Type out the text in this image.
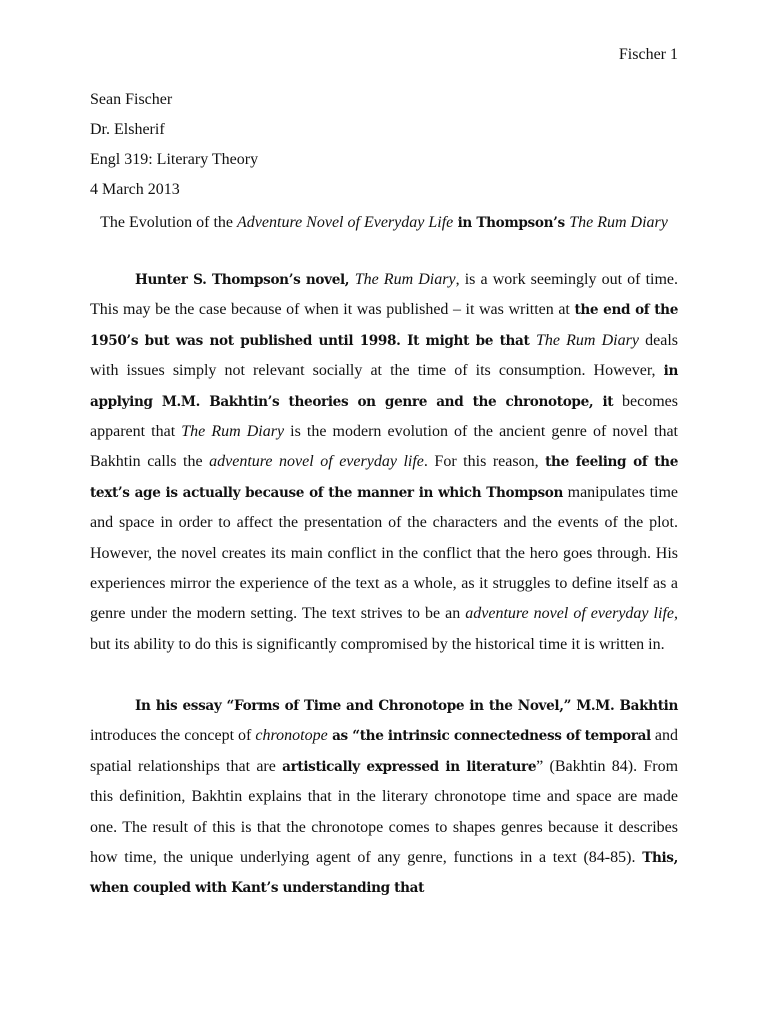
Fischer 1
Sean Fischer
Dr. Elsherif
Engl 319: Literary Theory
4 March 2013
The Evolution of the Adventure Novel of Everyday Life in Thompson’s The Rum Diary

Hunter S. Thompson’s novel, The Rum Diary, is a work seemingly out of time. This may be the case because of when it was published – it was written at the end of the 1950’s but was not published until 1998. It might be that The Rum Diary deals with issues simply not relevant socially at the time of its consumption. However, in applying M.M. Bakhtin’s theories on genre and the chronotope, it becomes apparent that The Rum Diary is the modern evolution of the ancient genre of novel that Bakhtin calls the adventure novel of everyday life. For this reason, the feeling of the text’s age is actually because of the manner in which Thompson manipulates time and space in order to affect the presentation of the characters and the events of the plot. However, the novel creates its main conflict in the conflict that the hero goes through. His experiences mirror the experience of the text as a whole, as it struggles to define itself as a genre under the modern setting. The text strives to be an adventure novel of everyday life, but its ability to do this is significantly compromised by the historical time it is written in.

In his essay “Forms of Time and Chronotope in the Novel,” M.M. Bakhtin introduces the concept of chronotope as “the intrinsic connectedness of temporal and spatial relationships that are artistically expressed in literature” (Bakhtin 84). From this definition, Bakhtin explains that in the literary chronotope time and space are made one. The result of this is that the chronotope comes to shapes genres because it describes how time, the unique underlying agent of any genre, functions in a text (84-85). This, when coupled with Kant’s understanding that
